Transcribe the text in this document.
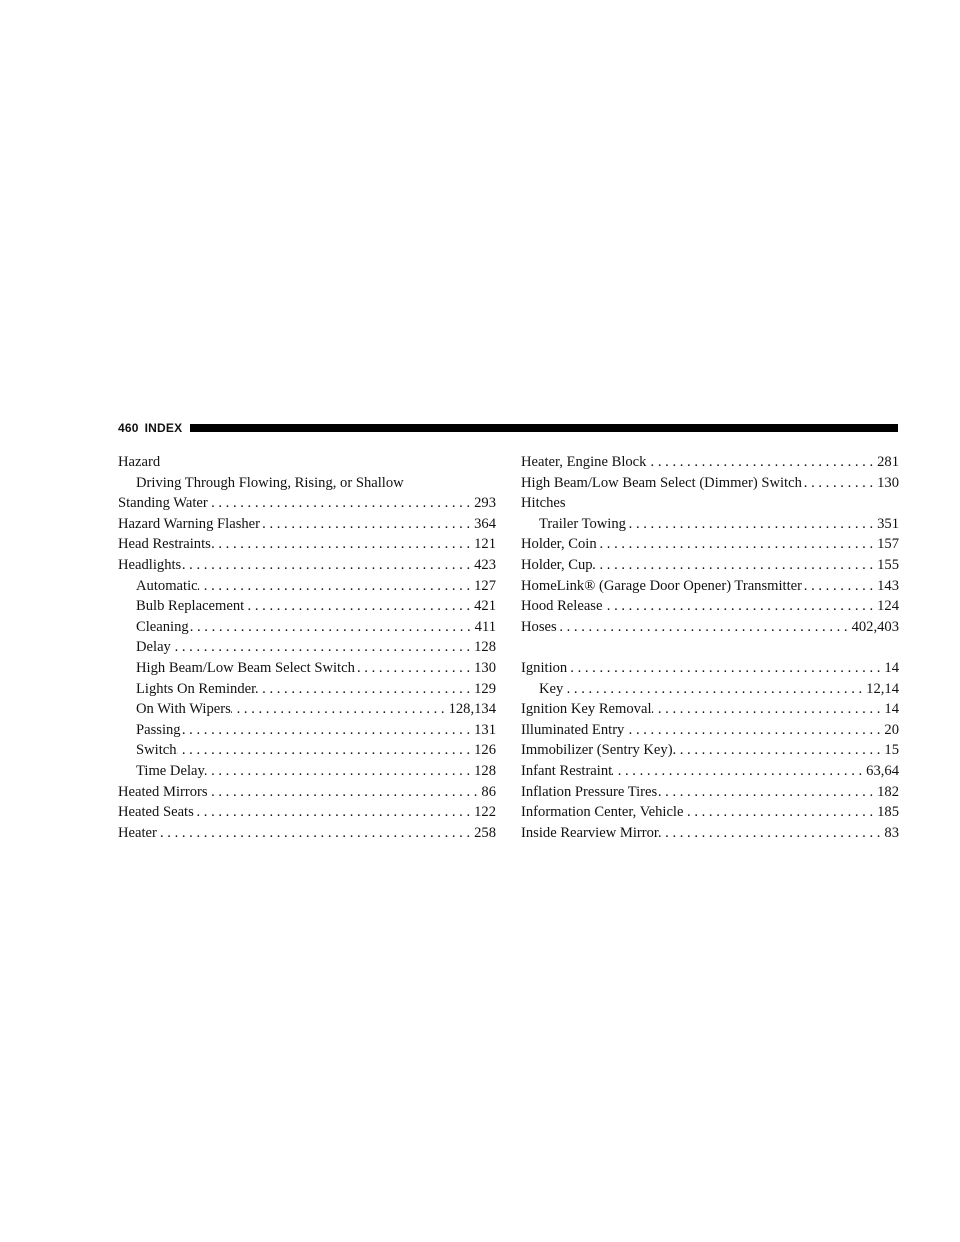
460 INDEX
Hazard
Driving Through Flowing, Rising, or Shallow
Standing Water . . .	293
Hazard Warning Flasher . . .	364
Head Restraints . . .	121
Headlights . . .	423
Automatic . . .	127
Bulb Replacement . . .	421
Cleaning . . .	411
Delay . . .	128
High Beam/Low Beam Select Switch . . .	130
Lights On Reminder . . .	129
On With Wipers . . .	128,134
Passing . . .	131
Switch . . .	126
Time Delay . . .	128
Heated Mirrors . . .	86
Heated Seats . . .	122
Heater . . .	258
Heater, Engine Block . . .	281
High Beam/Low Beam Select (Dimmer) Switch . . .	130
Hitches
Trailer Towing . . .	351
Holder, Coin . . .	157
Holder, Cup . . .	155
HomeLink® (Garage Door Opener) Transmitter . . .	143
Hood Release . . .	124
Hoses . . .	402,403
Ignition . . .	14
Key . . .	12,14
Ignition Key Removal . . .	14
Illuminated Entry . . .	20
Immobilizer (Sentry Key) . . .	15
Infant Restraint . . .	63,64
Inflation Pressure Tires . . .	182
Information Center, Vehicle . . .	185
Inside Rearview Mirror . . .	83
